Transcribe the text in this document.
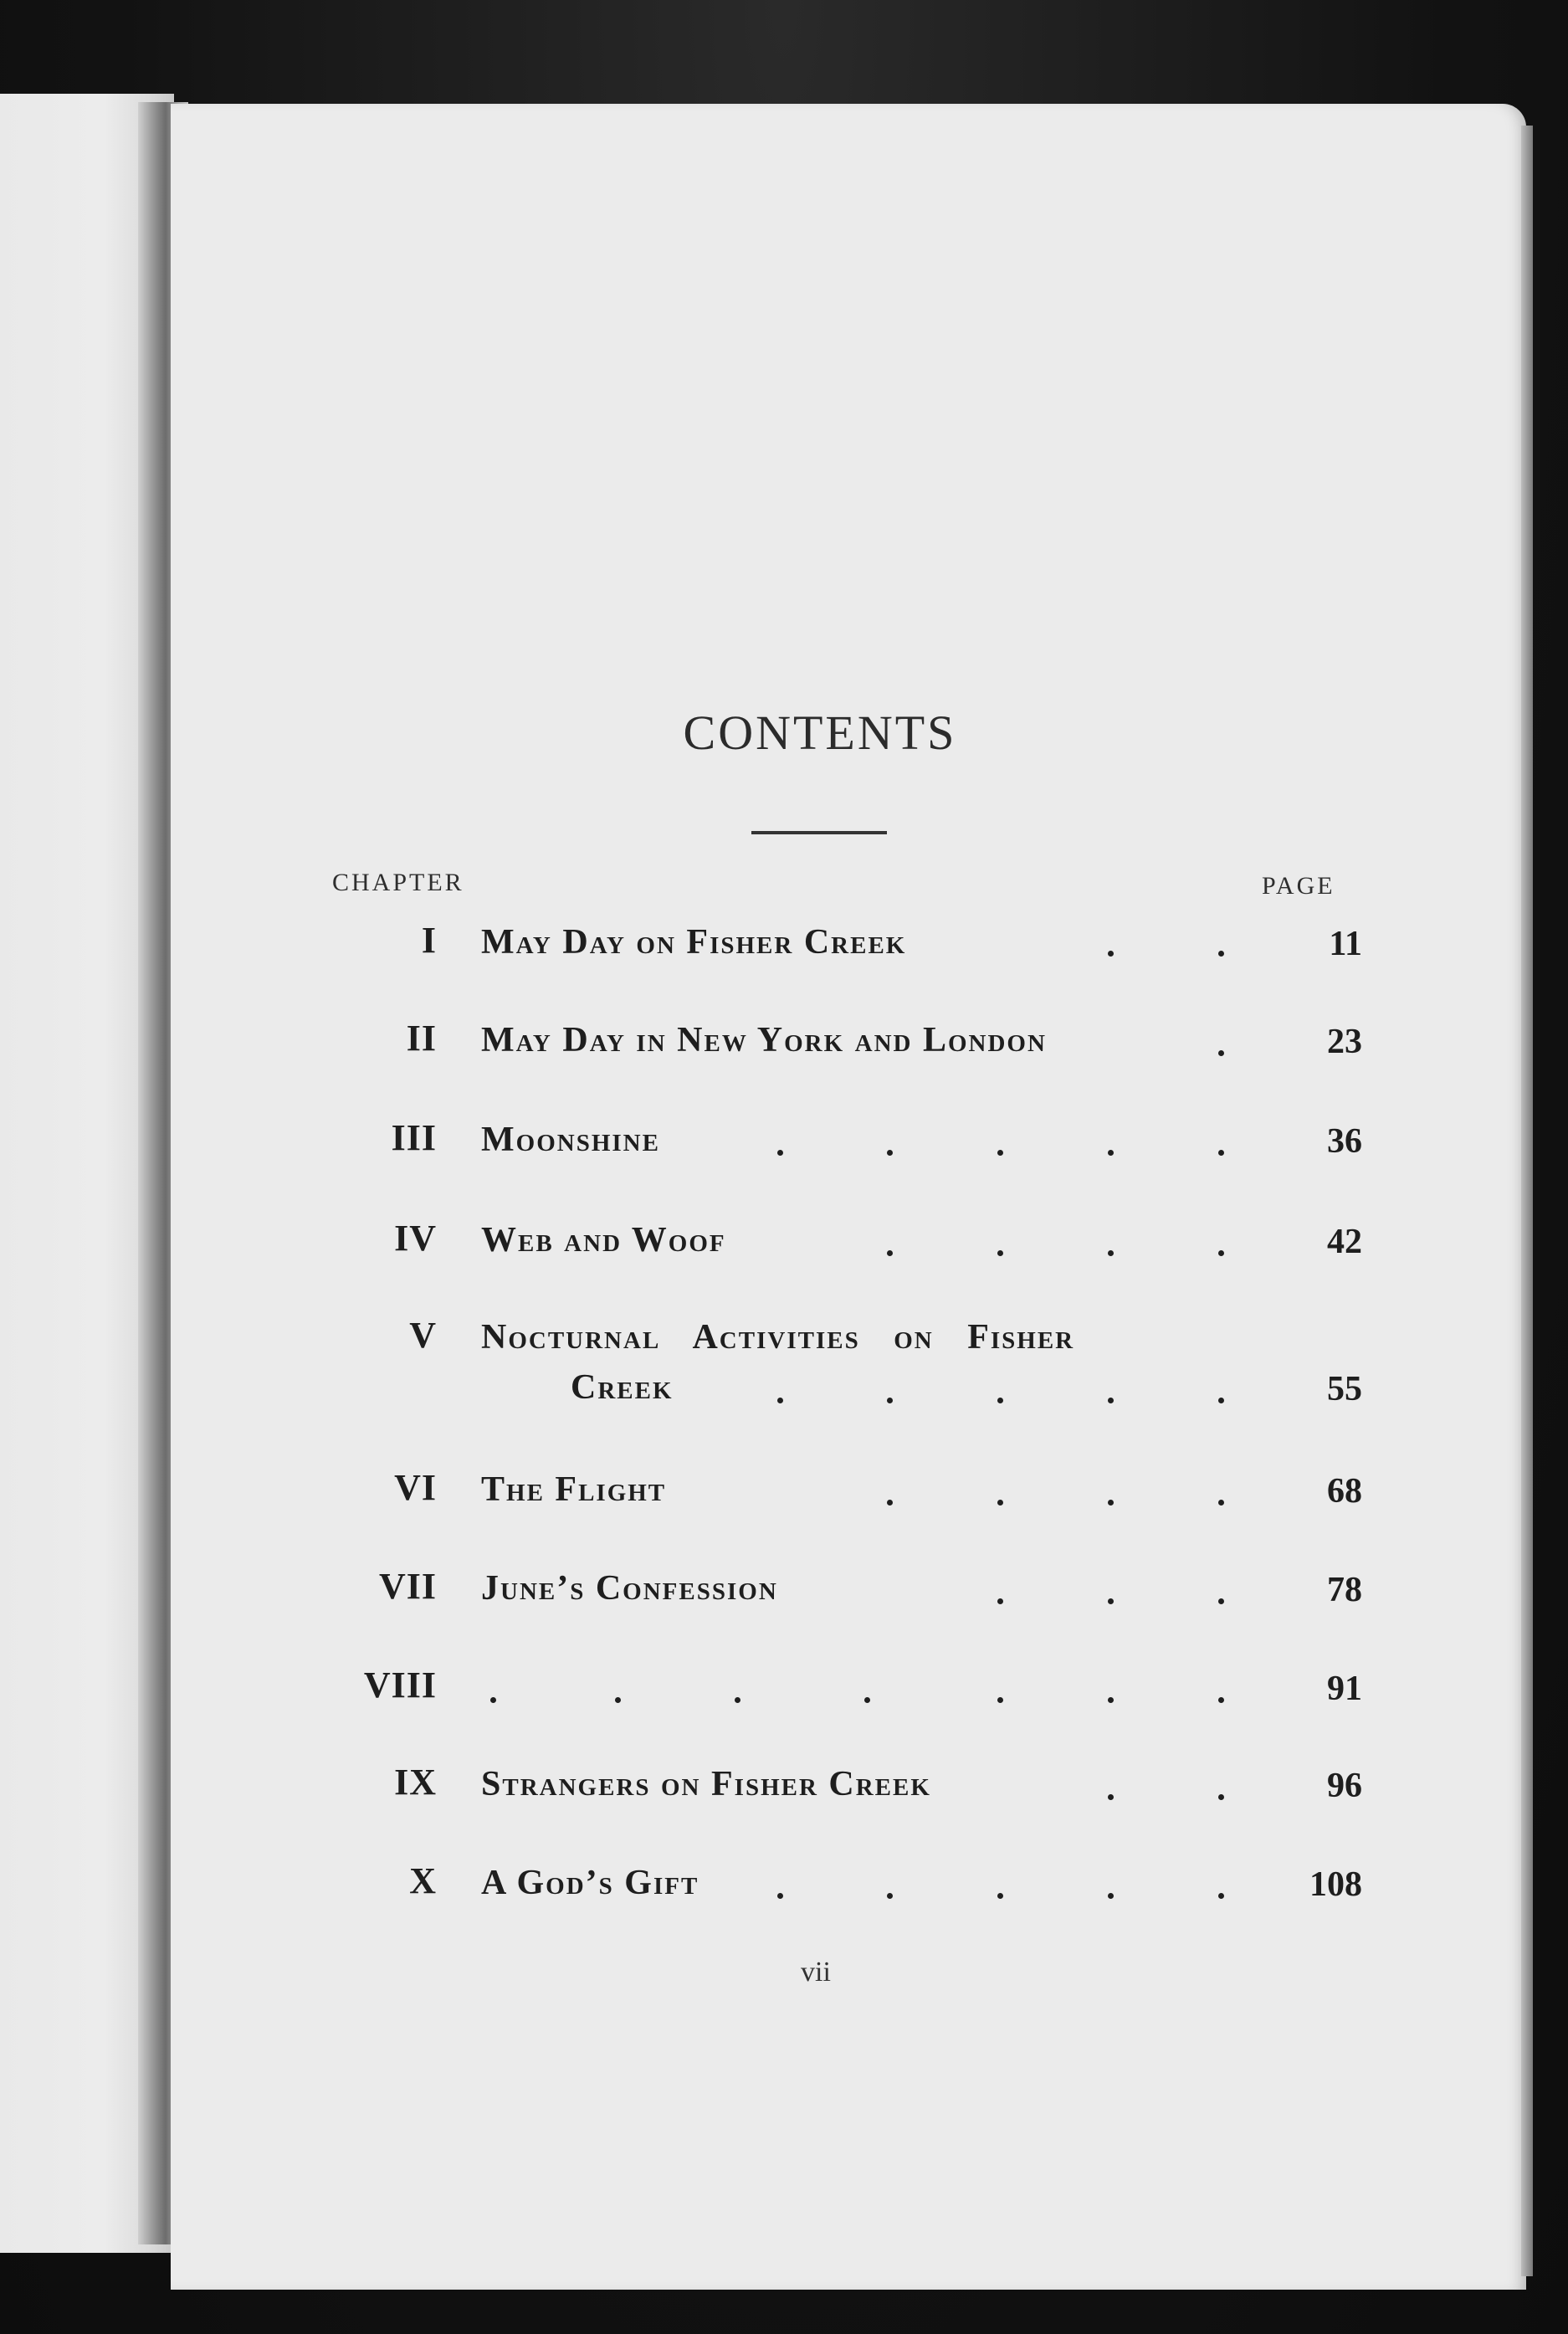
CONTENTS
CHAPTER	PAGE
I May Day on Fisher Creek	11
II May Day in New York and London	23
III Moonshine	36
IV Web and Woof	42
V Nocturnal Activities on Fisher
Creek	55
VI The Flight	68
VII June’s Confession	78
VIII	91
IX Strangers on Fisher Creek	96
X A God’s Gift	108
vii
